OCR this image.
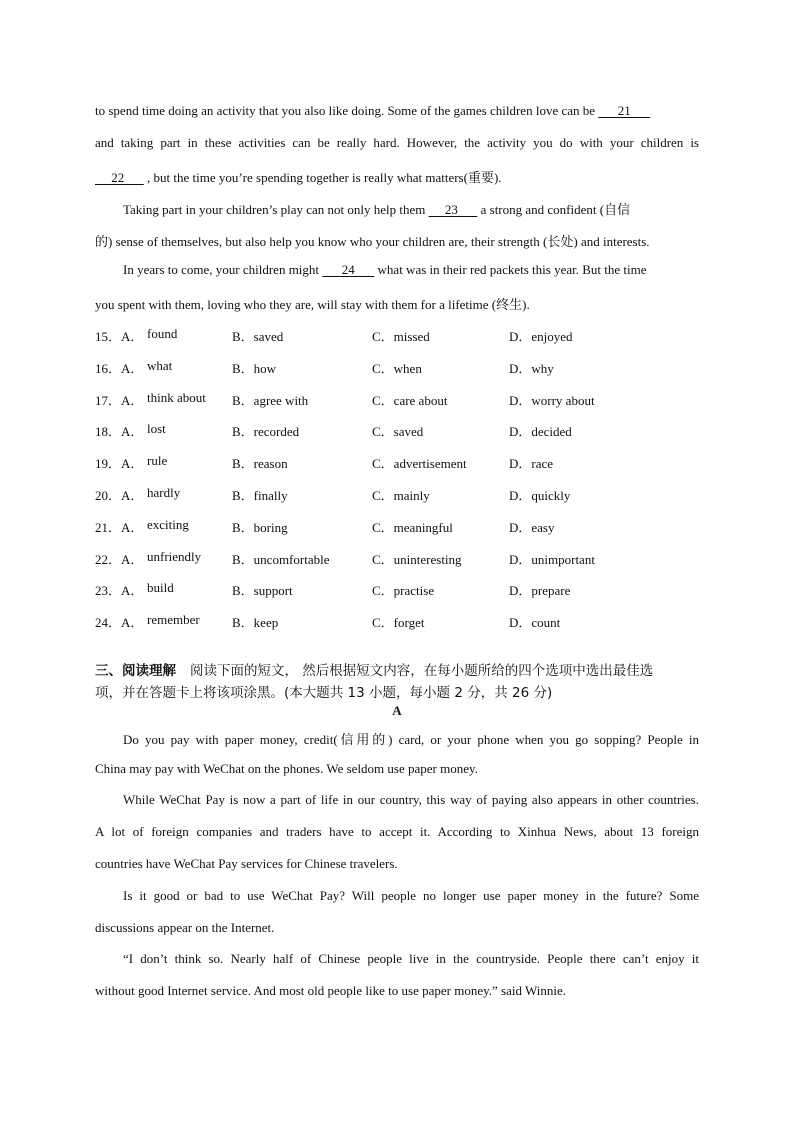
to spend time doing an activity that you also like doing. Some of the games children love can be       21
and taking part in these activities can be really hard. However, the activity you do with your children is
22       , but the time you’re spending together is really what matters(重要).
Taking part in your children’s play can not only help them      23       a strong and confident (自信
的) sense of themselves, but also help you know who your children are, their strength (长处) and interests.
In years to come, your children might       24       what was in their red packets this year. But the time
you spent with them, loving who they are, will stay with them for a lifetime (终生).
15．A． found	B．saved	C．missed	D．enjoyed
16．A． what	B．how	C．when	D．why
17．A． think about B．agree with	C．care about	D．worry about
18．A． lost	B．recorded	C．saved	D．decided
19．A． rule	B．reason	C．advertisement	D．race
20．A． hardly	B．finally	C．mainly	D．quickly
21．A． exciting	B．boring	C．meaningful	D．easy
22．A． unfriendly B．uncomfortable	C．uninteresting	D．unimportant
23．A． build	B．support	C．practise	D．prepare
24．A． remember B．keep	C．forget	D．count
三、阅读理解 阅读下面的短文， 然后根据短文内容，在每小题所给的四个选项中选出最佳选
项，并在答题卡上将该项涂黑。(本大题共 13 小题，每小题 2 分，共 26 分)
A
Do you pay with paper money, credit(信用的) card, or your phone when you go sopping? People in
China may pay with WeChat on the phones. We seldom use paper money.
While WeChat Pay is now a part of life in our country, this way of paying also appears in other countries.
A lot of foreign companies and traders have to accept it. According to Xinhua News, about 13 foreign
countries have WeChat Pay services for Chinese travelers.
Is it good or bad to use WeChat Pay? Will people no longer use paper money in the future? Some
discussions appear on the Internet.
“I don’t think so. Nearly half of Chinese people live in the countryside. People there can’t enjoy it
without good Internet service. And most old people like to use paper money.” said Winnie.
